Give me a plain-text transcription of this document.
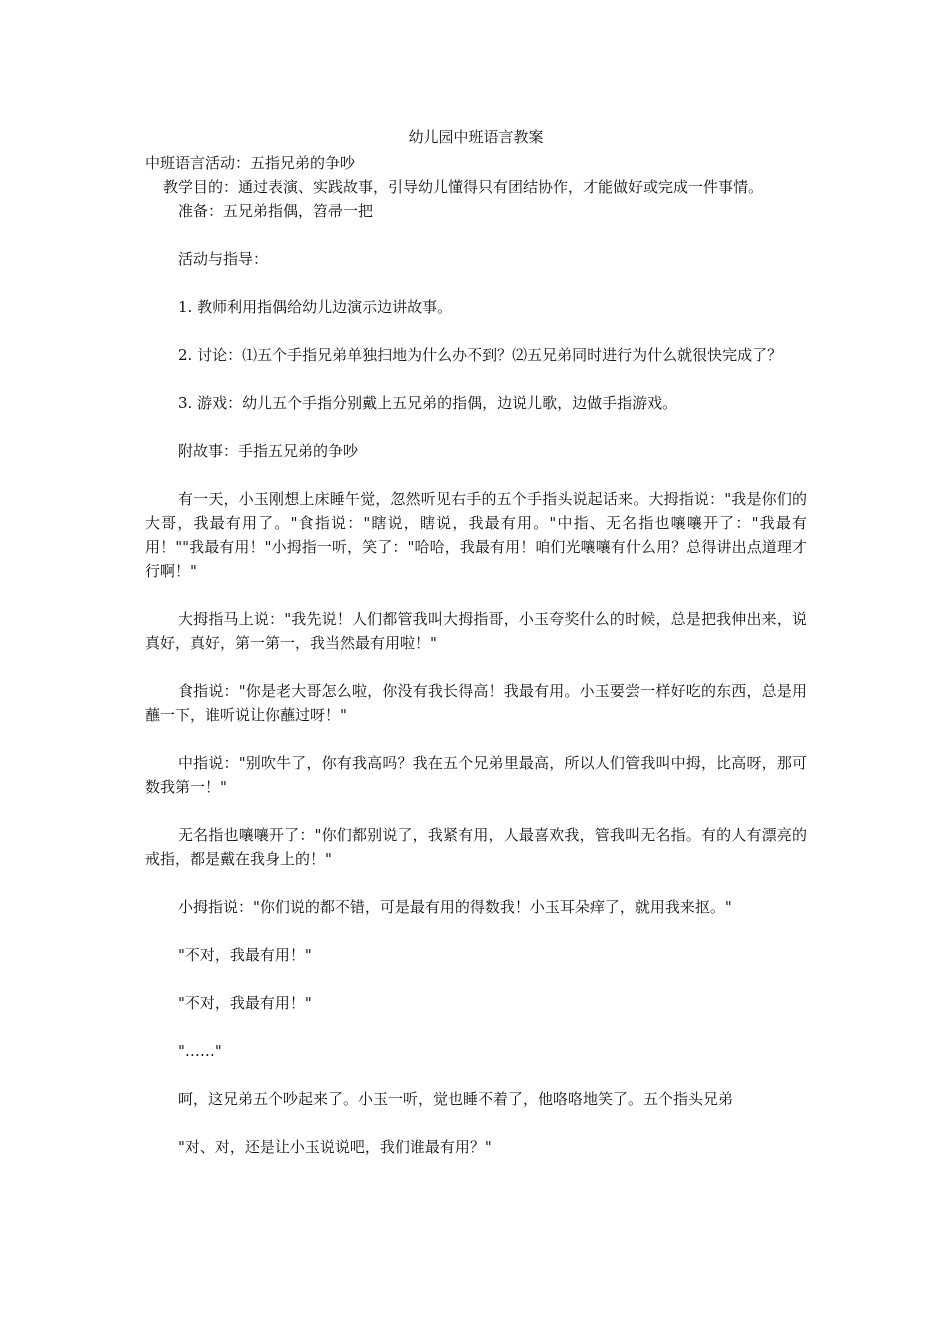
幼儿园中班语言教案

中班语言活动：五指兄弟的争吵

教学目的：通过表演、实践故事，引导幼儿懂得只有团结协作，才能做好或完成一件事情。

准备：五兄弟指偶，笤帚一把

活动与指导：

1. 教师利用指偶给幼儿边演示边讲故事。

2. 讨论：⑴五个手指兄弟单独扫地为什么办不到？⑵五兄弟同时进行为什么就很快完成了？

3. 游戏：幼儿五个手指分别戴上五兄弟的指偶，边说儿歌，边做手指游戏。

附故事：手指五兄弟的争吵

有一天，小玉刚想上床睡午觉，忽然听见右手的五个手指头说起话来。大拇指说："我是你们的大哥，我最有用了。"食指说："瞎说，瞎说，我最有用。"中指、无名指也嚷嚷开了："我最有用！""我最有用！"小拇指一听，笑了："哈哈，我最有用！咱们光嚷嚷有什么用？总得讲出点道理才行啊！"

大拇指马上说："我先说！人们都管我叫大拇指哥，小玉夸奖什么的时候，总是把我伸出来，说真好，真好，第一第一，我当然最有用啦！"

食指说："你是老大哥怎么啦，你没有我长得高！我最有用。小玉要尝一样好吃的东西，总是用蘸一下，谁听说让你蘸过呀！"

中指说："别吹牛了，你有我高吗？我在五个兄弟里最高，所以人们管我叫中拇，比高呀，那可数我第一！"

无名指也嚷嚷开了："你们都别说了，我紧有用，人最喜欢我，管我叫无名指。有的人有漂亮的戒指，都是戴在我身上的！"

小拇指说："你们说的都不错，可是最有用的得数我！小玉耳朵痒了，就用我来抠。"

"不对，我最有用！"

"不对，我最有用！"

"……"

呵，这兄弟五个吵起来了。小玉一听，觉也睡不着了，他咯咯地笑了。五个指头兄弟

"对、对，还是让小玉说说吧，我们谁最有用？"
